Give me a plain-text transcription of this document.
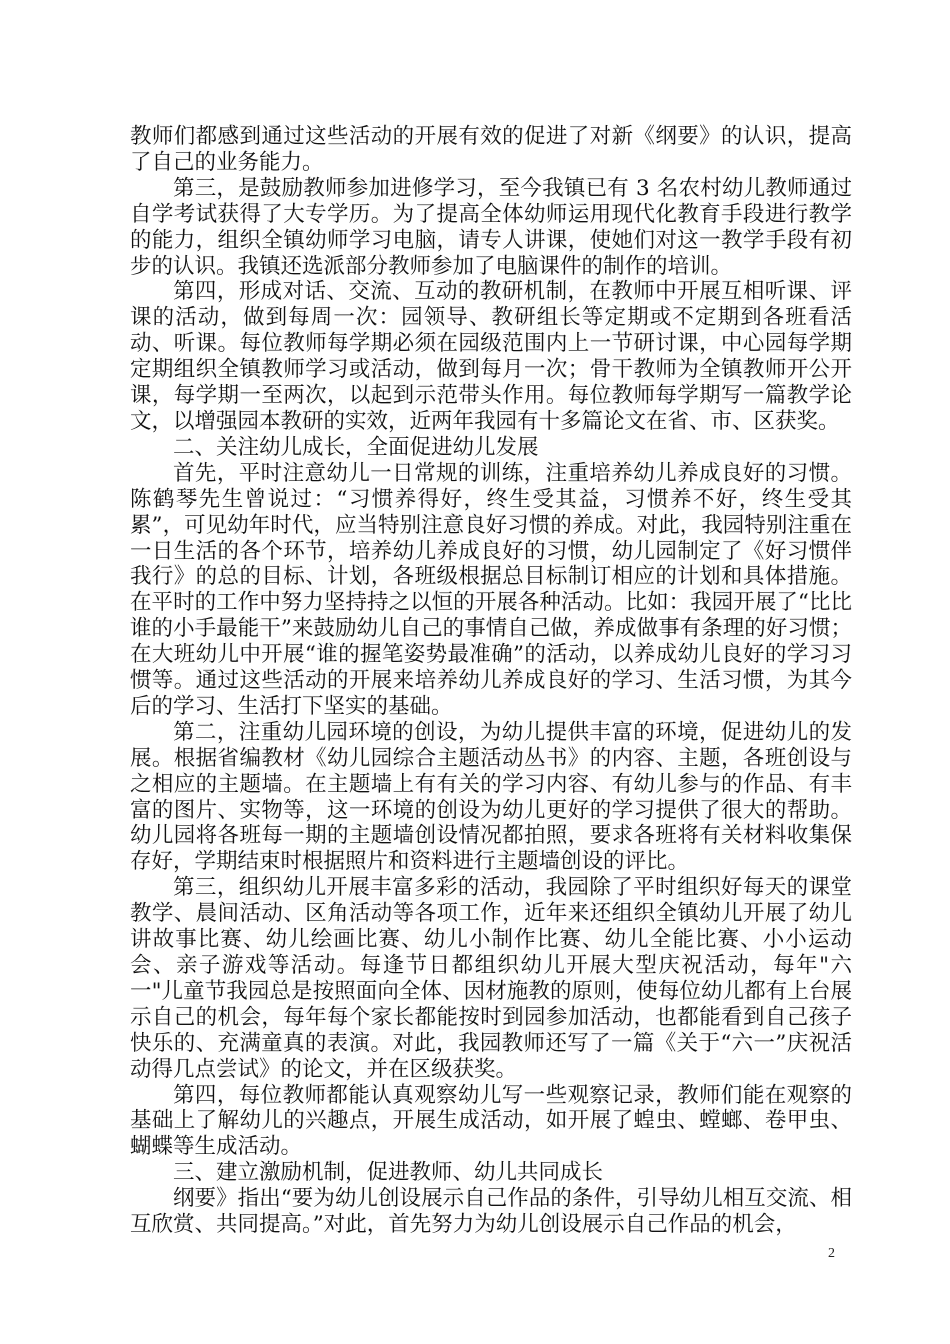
教师们都感到通过这些活动的开展有效的促进了对新《纲要》的认识，提高了自己的业务能力。

第三，是鼓励教师参加进修学习，至今我镇已有 3 名农村幼儿教师通过自学考试获得了大专学历。为了提高全体幼师运用现代化教育手段进行教学的能力，组织全镇幼师学习电脑，请专人讲课，使她们对这一教学手段有初步的认识。我镇还选派部分教师参加了电脑课件的制作的培训。

第四，形成对话、交流、互动的教研机制，在教师中开展互相听课、评课的活动，做到每周一次：园领导、教研组长等定期或不定期到各班看活动、听课。每位教师每学期必须在园级范围内上一节研讨课，中心园每学期定期组织全镇教师学习或活动，做到每月一次；骨干教师为全镇教师开公开课，每学期一至两次，以起到示范带头作用。每位教师每学期写一篇教学论文，以增强园本教研的实效，近两年我园有十多篇论文在省、市、区获奖。

二、关注幼儿成长，全面促进幼儿发展

首先，平时注意幼儿一日常规的训练，注重培养幼儿养成良好的习惯。陈鹤琴先生曾说过：“习惯养得好，终生受其益，习惯养不好，终生受其累”，可见幼年时代，应当特别注意良好习惯的养成。对此，我园特别注重在一日生活的各个环节，培养幼儿养成良好的习惯，幼儿园制定了《好习惯伴我行》的总的目标、计划，各班级根据总目标制订相应的计划和具体措施。在平时的工作中努力坚持持之以恒的开展各种活动。比如：我园开展了“比比谁的小手最能干”来鼓励幼儿自己的事情自己做，养成做事有条理的好习惯；在大班幼儿中开展“谁的握笔姿势最准确”的活动，以养成幼儿良好的学习习惯等。通过这些活动的开展来培养幼儿养成良好的学习、生活习惯，为其今后的学习、生活打下坚实的基础。

第二，注重幼儿园环境的创设，为幼儿提供丰富的环境，促进幼儿的发展。根据省编教材《幼儿园综合主题活动丛书》的内容、主题，各班创设与之相应的主题墙。在主题墙上有有关的学习内容、有幼儿参与的作品、有丰富的图片、实物等，这一环境的创设为幼儿更好的学习提供了很大的帮助。幼儿园将各班每一期的主题墙创设情况都拍照，要求各班将有关材料收集保存好，学期结束时根据照片和资料进行主题墙创设的评比。

第三，组织幼儿开展丰富多彩的活动，我园除了平时组织好每天的课堂教学、晨间活动、区角活动等各项工作，近年来还组织全镇幼儿开展了幼儿讲故事比赛、幼儿绘画比赛、幼儿小制作比赛、幼儿全能比赛、小小运动会、亲子游戏等活动。每逢节日都组织幼儿开展大型庆祝活动，每年"六一"儿童节我园总是按照面向全体、因材施教的原则，使每位幼儿都有上台展示自己的机会，每年每个家长都能按时到园参加活动，也都能看到自己孩子快乐的、充满童真的表演。对此，我园教师还写了一篇《关于“六一”庆祝活动得几点尝试》的论文，并在区级获奖。

第四，每位教师都能认真观察幼儿写一些观察记录，教师们能在观察的基础上了解幼儿的兴趣点，开展生成活动，如开展了蝗虫、螳螂、卷甲虫、蝴蝶等生成活动。

三、建立激励机制，促进教师、幼儿共同成长

纲要》指出“要为幼儿创设展示自己作品的条件，引导幼儿相互交流、相互欣赏、共同提高。”对此，首先努力为幼儿创设展示自己作品的机会，

2
